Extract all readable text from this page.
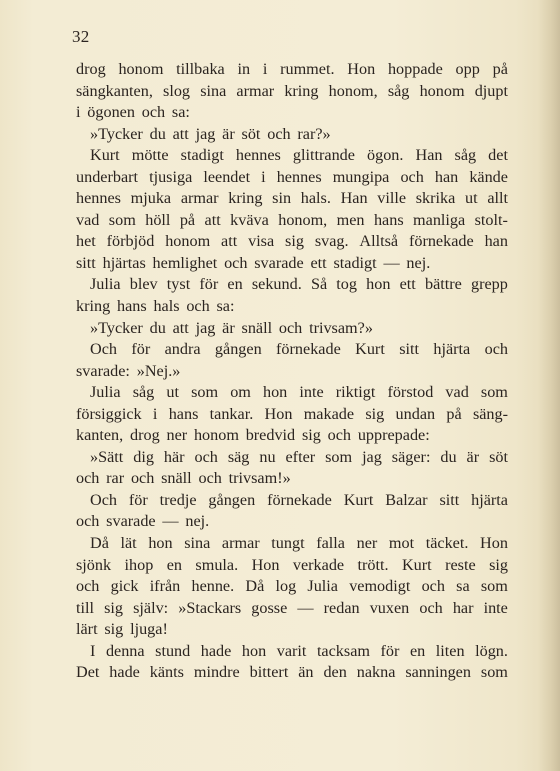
32
drog honom tillbaka in i rummet. Hon hoppade opp på
sängkanten, slog sina armar kring honom, såg honom djupt
i ögonen och sa:
»Tycker du att jag är söt och rar?»
Kurt mötte stadigt hennes glittrande ögon. Han såg det
underbart tjusiga leendet i hennes mungipa och han kände
hennes mjuka armar kring sin hals. Han ville skrika ut allt
vad som höll på att kväva honom, men hans manliga stolt-
het förbjöd honom att visa sig svag. Alltså förnekade han
sitt hjärtas hemlighet och svarade ett stadigt — nej.
Julia blev tyst för en sekund. Så tog hon ett bättre grepp
kring hans hals och sa:
»Tycker du att jag är snäll och trivsam?»
Och för andra gången förnekade Kurt sitt hjärta och
svarade: »Nej.»
Julia såg ut som om hon inte riktigt förstod vad som
försiggick i hans tankar. Hon makade sig undan på säng-
kanten, drog ner honom bredvid sig och upprepade:
»Sätt dig här och säg nu efter som jag säger: du är söt
och rar och snäll och trivsam!»
Och för tredje gången förnekade Kurt Balzar sitt hjärta
och svarade — nej.
Då lät hon sina armar tungt falla ner mot täcket. Hon
sjönk ihop en smula. Hon verkade trött. Kurt reste sig
och gick ifrån henne. Då log Julia vemodigt och sa som
till sig själv: »Stackars gosse — redan vuxen och har inte
lärt sig ljuga!
I denna stund hade hon varit tacksam för en liten lögn.
Det hade känts mindre bittert än den nakna sanningen som
